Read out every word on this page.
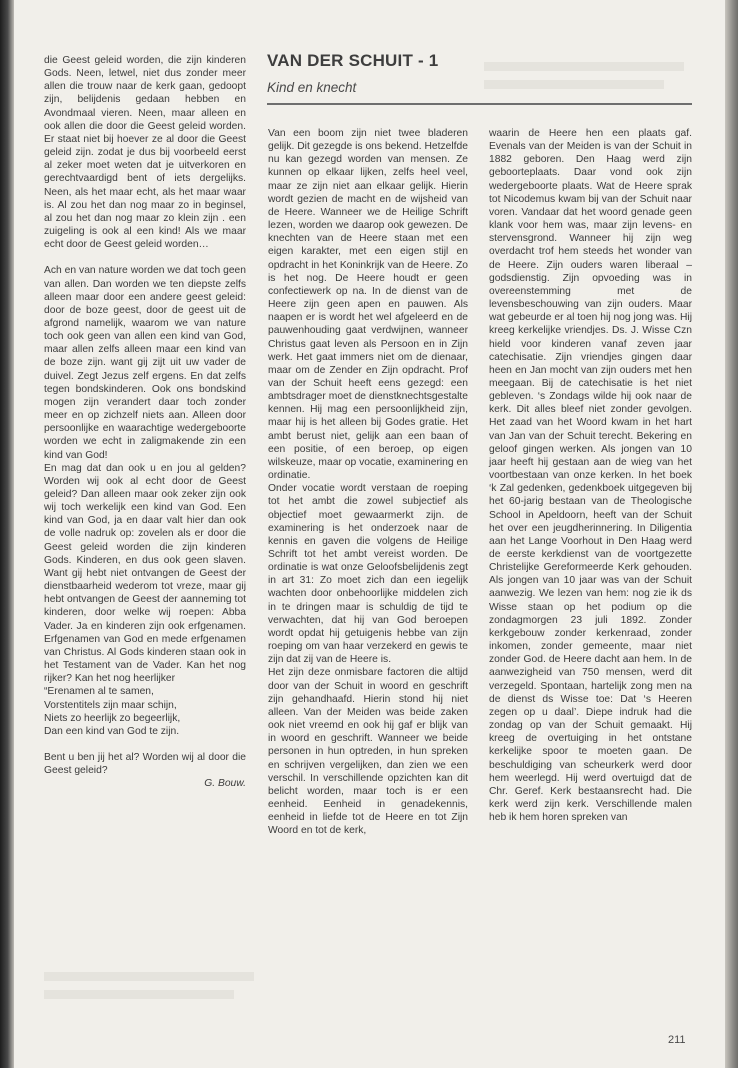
die Geest geleid worden, die zijn kinderen Gods. Neen, letwel, niet dus zonder meer allen die trouw naar de kerk gaan, gedoopt zijn, belijdenis gedaan hebben en Avondmaal vieren. Neen, maar alleen en ook allen die door die Geest geleid worden. Er staat niet bij hoever ze al door die Geest geleid zijn. zodat je dus bij voorbeeld eerst al zeker moet weten dat je uitverkoren en gerechtvaardigd bent of iets dergelijks. Neen, als het maar echt, als het maar waar is. Al zou het dan nog maar zo in beginsel, al zou het dan nog maar zo klein zijn . een zuigeling is ook al een kind! Als we maar echt door de Geest geleid worden…

Ach en van nature worden we dat toch geen van allen. Dan worden we ten diepste zelfs alleen maar door een andere geest geleid: door de boze geest, door de geest uit de afgrond namelijk, waarom we van nature toch ook geen van allen een kind van God, maar allen zelfs alleen maar een kind van de boze zijn. want gij zijt uit uw vader de duivel. Zegt Jezus zelf ergens. En dat zelfs tegen bondskinderen. Ook ons bondskind mogen zijn verandert daar toch zonder meer en op zichzelf niets aan. Alleen door persoonlijke en waarachtige wedergeboorte worden we echt in zaligmakende zin een kind van God!

En mag dat dan ook u en jou al gelden? Worden wij ook al echt door de Geest geleid? Dan alleen maar ook zeker zijn ook wij toch werkelijk een kind van God. Een kind van God, ja en daar valt hier dan ook de volle nadruk op: zovelen als er door die Geest geleid worden die zijn kinderen Gods. Kinderen, en dus ook geen slaven. Want gij hebt niet ontvangen de Geest der dienstbaarheid wederom tot vreze, maar gij hebt ontvangen de Geest der aanneming tot kinderen, door welke wij roepen: Abba Vader. Ja en kinderen zijn ook erfgenamen. Erfgenamen van God en mede erfgenamen van Christus. Al Gods kinderen staan ook in het Testament van de Vader. Kan het nog rijker? Kan het nog heerlijker

“Erenamen al te samen,

Vorstentitels zijn maar schijn,

Niets zo heerlijk zo begeerlijk,

Dan een kind van God te zijn.

Bent u ben jij het al? Worden wij al door die Geest geleid?

G. Bouw.

VAN DER SCHUIT - 1
Kind en knecht

Van een boom zijn niet twee bladeren gelijk. Dit gezegde is ons bekend. Hetzelfde nu kan gezegd worden van mensen. Ze kunnen op elkaar lijken, zelfs heel veel, maar ze zijn niet aan elkaar gelijk. Hierin wordt gezien de macht en de wijsheid van de Heere. Wanneer we de Heilige Schrift lezen, worden we daarop ook gewezen. De knechten van de Heere staan met een eigen karakter, met een eigen stijl en opdracht in het Koninkrijk van de Heere. Zo is het nog. De Heere houdt er geen confectiewerk op na. In de dienst van de Heere zijn geen apen en pauwen. Als naapen er is wordt het wel afgeleerd en de pauwenhouding gaat verdwijnen, wanneer Christus gaat leven als Persoon en in Zijn werk. Het gaat immers niet om de dienaar, maar om de Zender en Zijn opdracht. Prof van der Schuit heeft eens gezegd: een ambtsdrager moet de dienstknechtsgestalte kennen. Hij mag een persoonlijkheid zijn, maar hij is het alleen bij Godes gratie. Het ambt berust niet, gelijk aan een baan of een positie, of een beroep, op eigen wilskeuze, maar op vocatie, examinering en ordinatie.

Onder vocatie wordt verstaan de roeping tot het ambt die zowel subjectief als objectief moet gewaarmerkt zijn. de examinering is het onderzoek naar de kennis en gaven die volgens de Heilige Schrift tot het ambt vereist worden. De ordinatie is wat onze Geloofsbelijdenis zegt in art 31: Zo moet zich dan een iegelijk wachten door onbehoorlijke middelen zich in te dringen maar is schuldig de tijd te verwachten, dat hij van God beroepen wordt opdat hij getuigenis hebbe van zijn roeping om van haar verzekerd en gewis te zijn dat zij van de Heere is.

Het zijn deze onmisbare factoren die altijd door van der Schuit in woord en geschrift zijn gehandhaafd. Hierin stond hij niet alleen. Van der Meiden was beide zaken ook niet vreemd en ook hij gaf er blijk van in woord en geschrift. Wanneer we beide personen in hun optreden, in hun spreken en schrijven vergelijken, dan zien we een verschil. In verschillende opzichten kan dit belicht worden, maar toch is er een eenheid. Eenheid in genadekennis, eenheid in liefde tot de Heere en tot Zijn Woord en tot de kerk,

waarin de Heere hen een plaats gaf. Evenals van der Meiden is van der Schuit in 1882 geboren. Den Haag werd zijn geboorteplaats. Daar vond ook zijn wedergeboorte plaats. Wat de Heere sprak tot Nicodemus kwam bij van der Schuit naar voren. Vandaar dat het woord genade geen klank voor hem was, maar zijn levens- en stervensgrond. Wanneer hij zijn weg overdacht trof hem steeds het wonder van de Heere. Zijn ouders waren liberaal – godsdienstig. Zijn opvoeding was in overeenstemming met de levensbeschouwing van zijn ouders. Maar wat gebeurde er al toen hij nog jong was. Hij kreeg kerkelijke vriendjes. Ds. J. Wisse Czn hield voor kinderen vanaf zeven jaar catechisatie. Zijn vriendjes gingen daar heen en Jan mocht van zijn ouders met hen meegaan. Bij de catechisatie is het niet gebleven. ‘s Zondags wilde hij ook naar de kerk. Dit alles bleef niet zonder gevolgen. Het zaad van het Woord kwam in het hart van Jan van der Schuit terecht. Bekering en geloof gingen werken. Als jongen van 10 jaar heeft hij gestaan aan de wieg van het voortbestaan van onze kerken. In het boek ‘k Zal gedenken, gedenkboek uitgegeven bij het 60-jarig bestaan van de Theologische School in Apeldoorn, heeft van der Schuit het over een jeugdherinnering. In Diligentia aan het Lange Voorhout in Den Haag werd de eerste kerkdienst van de voortgezette Christelijke Gereformeerde Kerk gehouden. Als jongen van 10 jaar was van der Schuit aanwezig. We lezen van hem: nog zie ik ds Wisse staan op het podium op die zondagmorgen 23 juli 1892. Zonder kerkgebouw zonder kerkenraad, zonder inkomen, zonder gemeente, maar niet zonder God. de Heere dacht aan hem. In de aanwezigheid van 750 mensen, werd dit verzegeld. Spontaan, hartelijk zong men na de dienst ds Wisse toe: Dat ‘s Heeren zegen op u daal’. Diepe indruk had die zondag op van der Schuit gemaakt. Hij kreeg de overtuiging in het ontstane kerkelijke spoor te moeten gaan. De beschuldiging van scheurkerk werd door hem weerlegd. Hij werd overtuigd dat de Chr. Geref. Kerk bestaansrecht had. Die kerk werd zijn kerk. Verschillende malen heb ik hem horen spreken van

211
